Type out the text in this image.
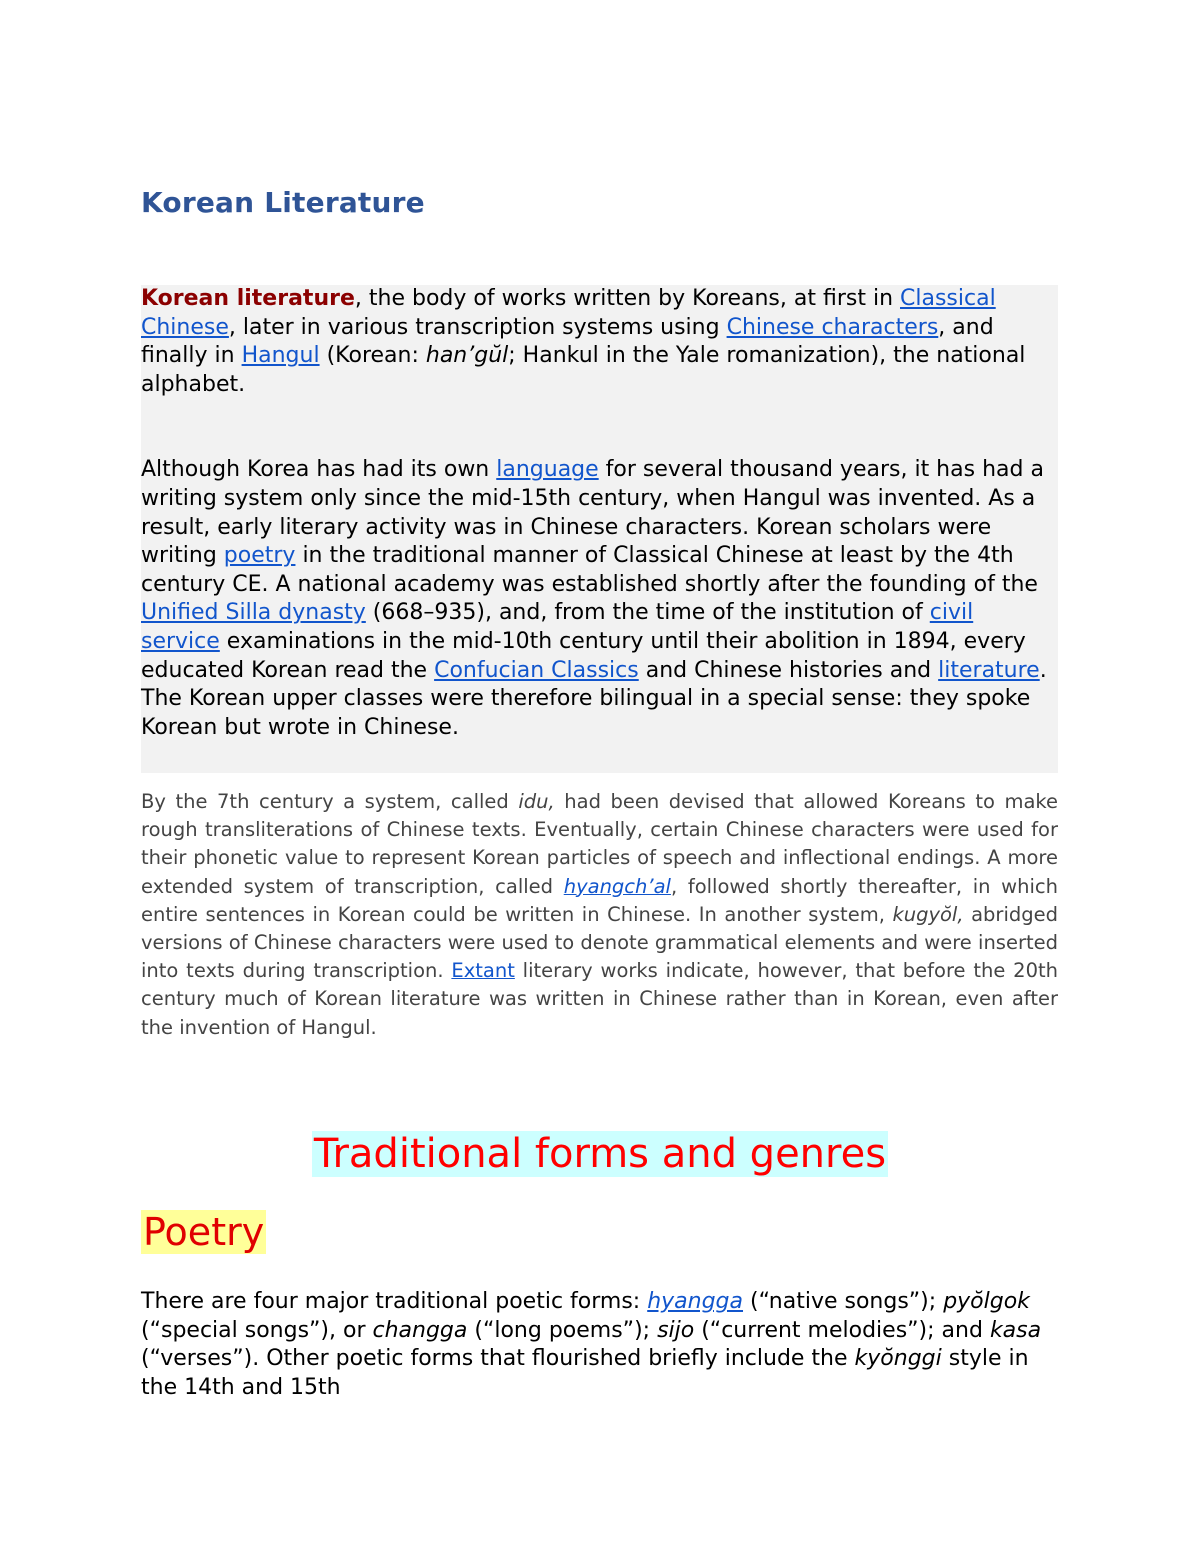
Korean Literature

Korean literature, the body of works written by Koreans, at first in Classical Chinese, later in various transcription systems using Chinese characters, and finally in Hangul (Korean: han’gŭl; Hankul in the Yale romanization), the national alphabet.

Although Korea has had its own language for several thousand years, it has had a writing system only since the mid-15th century, when Hangul was invented. As a result, early literary activity was in Chinese characters. Korean scholars were writing poetry in the traditional manner of Classical Chinese at least by the 4th century CE. A national academy was established shortly after the founding of the Unified Silla dynasty (668–935), and, from the time of the institution of civil service examinations in the mid-10th century until their abolition in 1894, every educated Korean read the Confucian Classics and Chinese histories and literature. The Korean upper classes were therefore bilingual in a special sense: they spoke Korean but wrote in Chinese.

By the 7th century a system, called idu, had been devised that allowed Koreans to make rough transliterations of Chinese texts. Eventually, certain Chinese characters were used for their phonetic value to represent Korean particles of speech and inflectional endings. A more extended system of transcription, called hyangch’al, followed shortly thereafter, in which entire sentences in Korean could be written in Chinese. In another system, kugyŏl, abridged versions of Chinese characters were used to denote grammatical elements and were inserted into texts during transcription. Extant literary works indicate, however, that before the 20th century much of Korean literature was written in Chinese rather than in Korean, even after the invention of Hangul.

Traditional forms and genres
Poetry

There are four major traditional poetic forms: hyangga (“native songs”); pyŏlgok (“special songs”), or changga (“long poems”); sijo (“current melodies”); and kasa (“verses”). Other poetic forms that flourished briefly include the kyŏnggi style in the 14th and 15th
